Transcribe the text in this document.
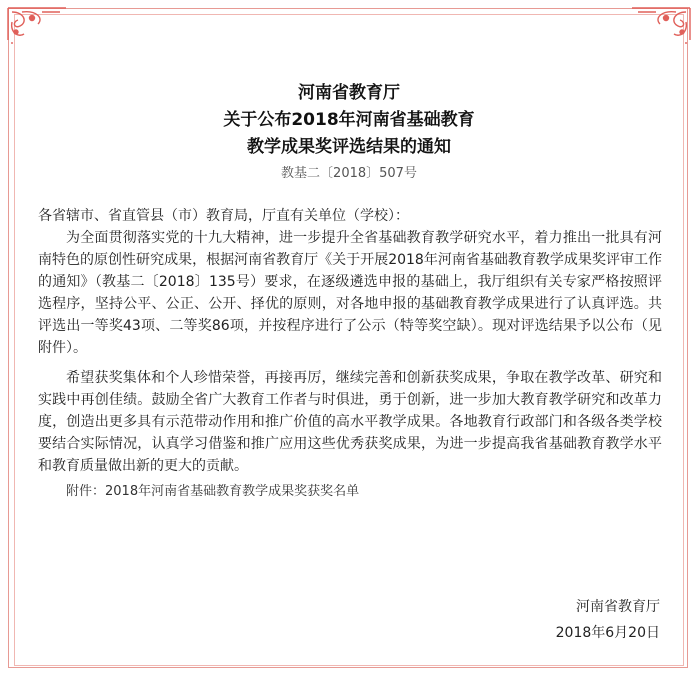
河南省教育厅
关于公布2018年河南省基础教育
教学成果奖评选结果的通知
教基二〔2018〕507号

各省辖市、省直管县（市）教育局，厅直有关单位（学校）：

为全面贯彻落实党的十九大精神，进一步提升全省基础教育教学研究水平，着力推出一批具有河南特色的原创性研究成果，根据河南省教育厅《关于开展2018年河南省基础教育教学成果奖评审工作的通知》（教基二〔2018〕135号）要求，在逐级遴选申报的基础上，我厅组织有关专家严格按照评选程序，坚持公平、公正、公开、择优的原则，对各地申报的基础教育教学成果进行了认真评选。共评选出一等奖43项、二等奖86项，并按程序进行了公示（特等奖空缺）。现对评选结果予以公布（见附件）。

希望获奖集体和个人珍惜荣誉，再接再厉，继续完善和创新获奖成果，争取在教学改革、研究和实践中再创佳绩。鼓励全省广大教育工作者与时俱进，勇于创新，进一步加大教育教学研究和改革力度，创造出更多具有示范带动作用和推广价值的高水平教学成果。各地教育行政部门和各级各类学校要结合实际情况，认真学习借鉴和推广应用这些优秀获奖成果，为进一步提高我省基础教育教学水平和教育质量做出新的更大的贡献。

附件：2018年河南省基础教育教学成果奖获奖名单

河南省教育厅
2018年6月20日
